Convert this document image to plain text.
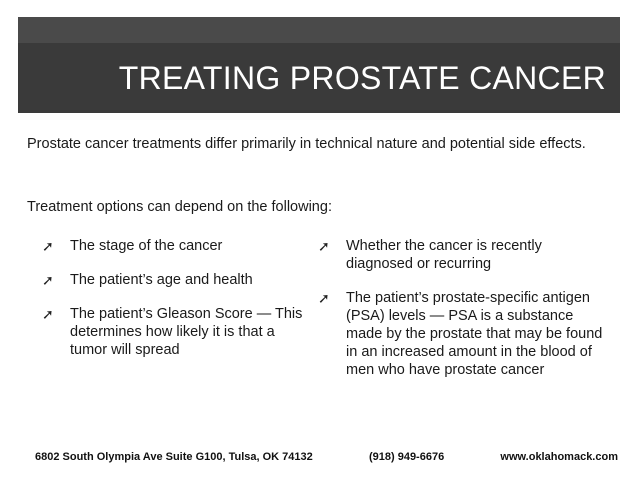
TREATING PROSTATE CANCER

Prostate cancer treatments differ primarily in technical nature and potential side effects.

Treatment options can depend on the following:

➚	The stage of the cancer
➚	The patient’s age and health
➚	The patient’s Gleason Score — This determines how likely it is that a tumor will spread
➚	Whether the cancer is recently diagnosed or recurring
➚	The patient’s prostate-specific antigen (PSA) levels — PSA is a substance made by the prostate that may be found in an increased amount in the blood of men who have prostate cancer
6802 South Olympia Ave Suite G100, Tulsa, OK 74132	(918) 949-6676	www.oklahomack.com
